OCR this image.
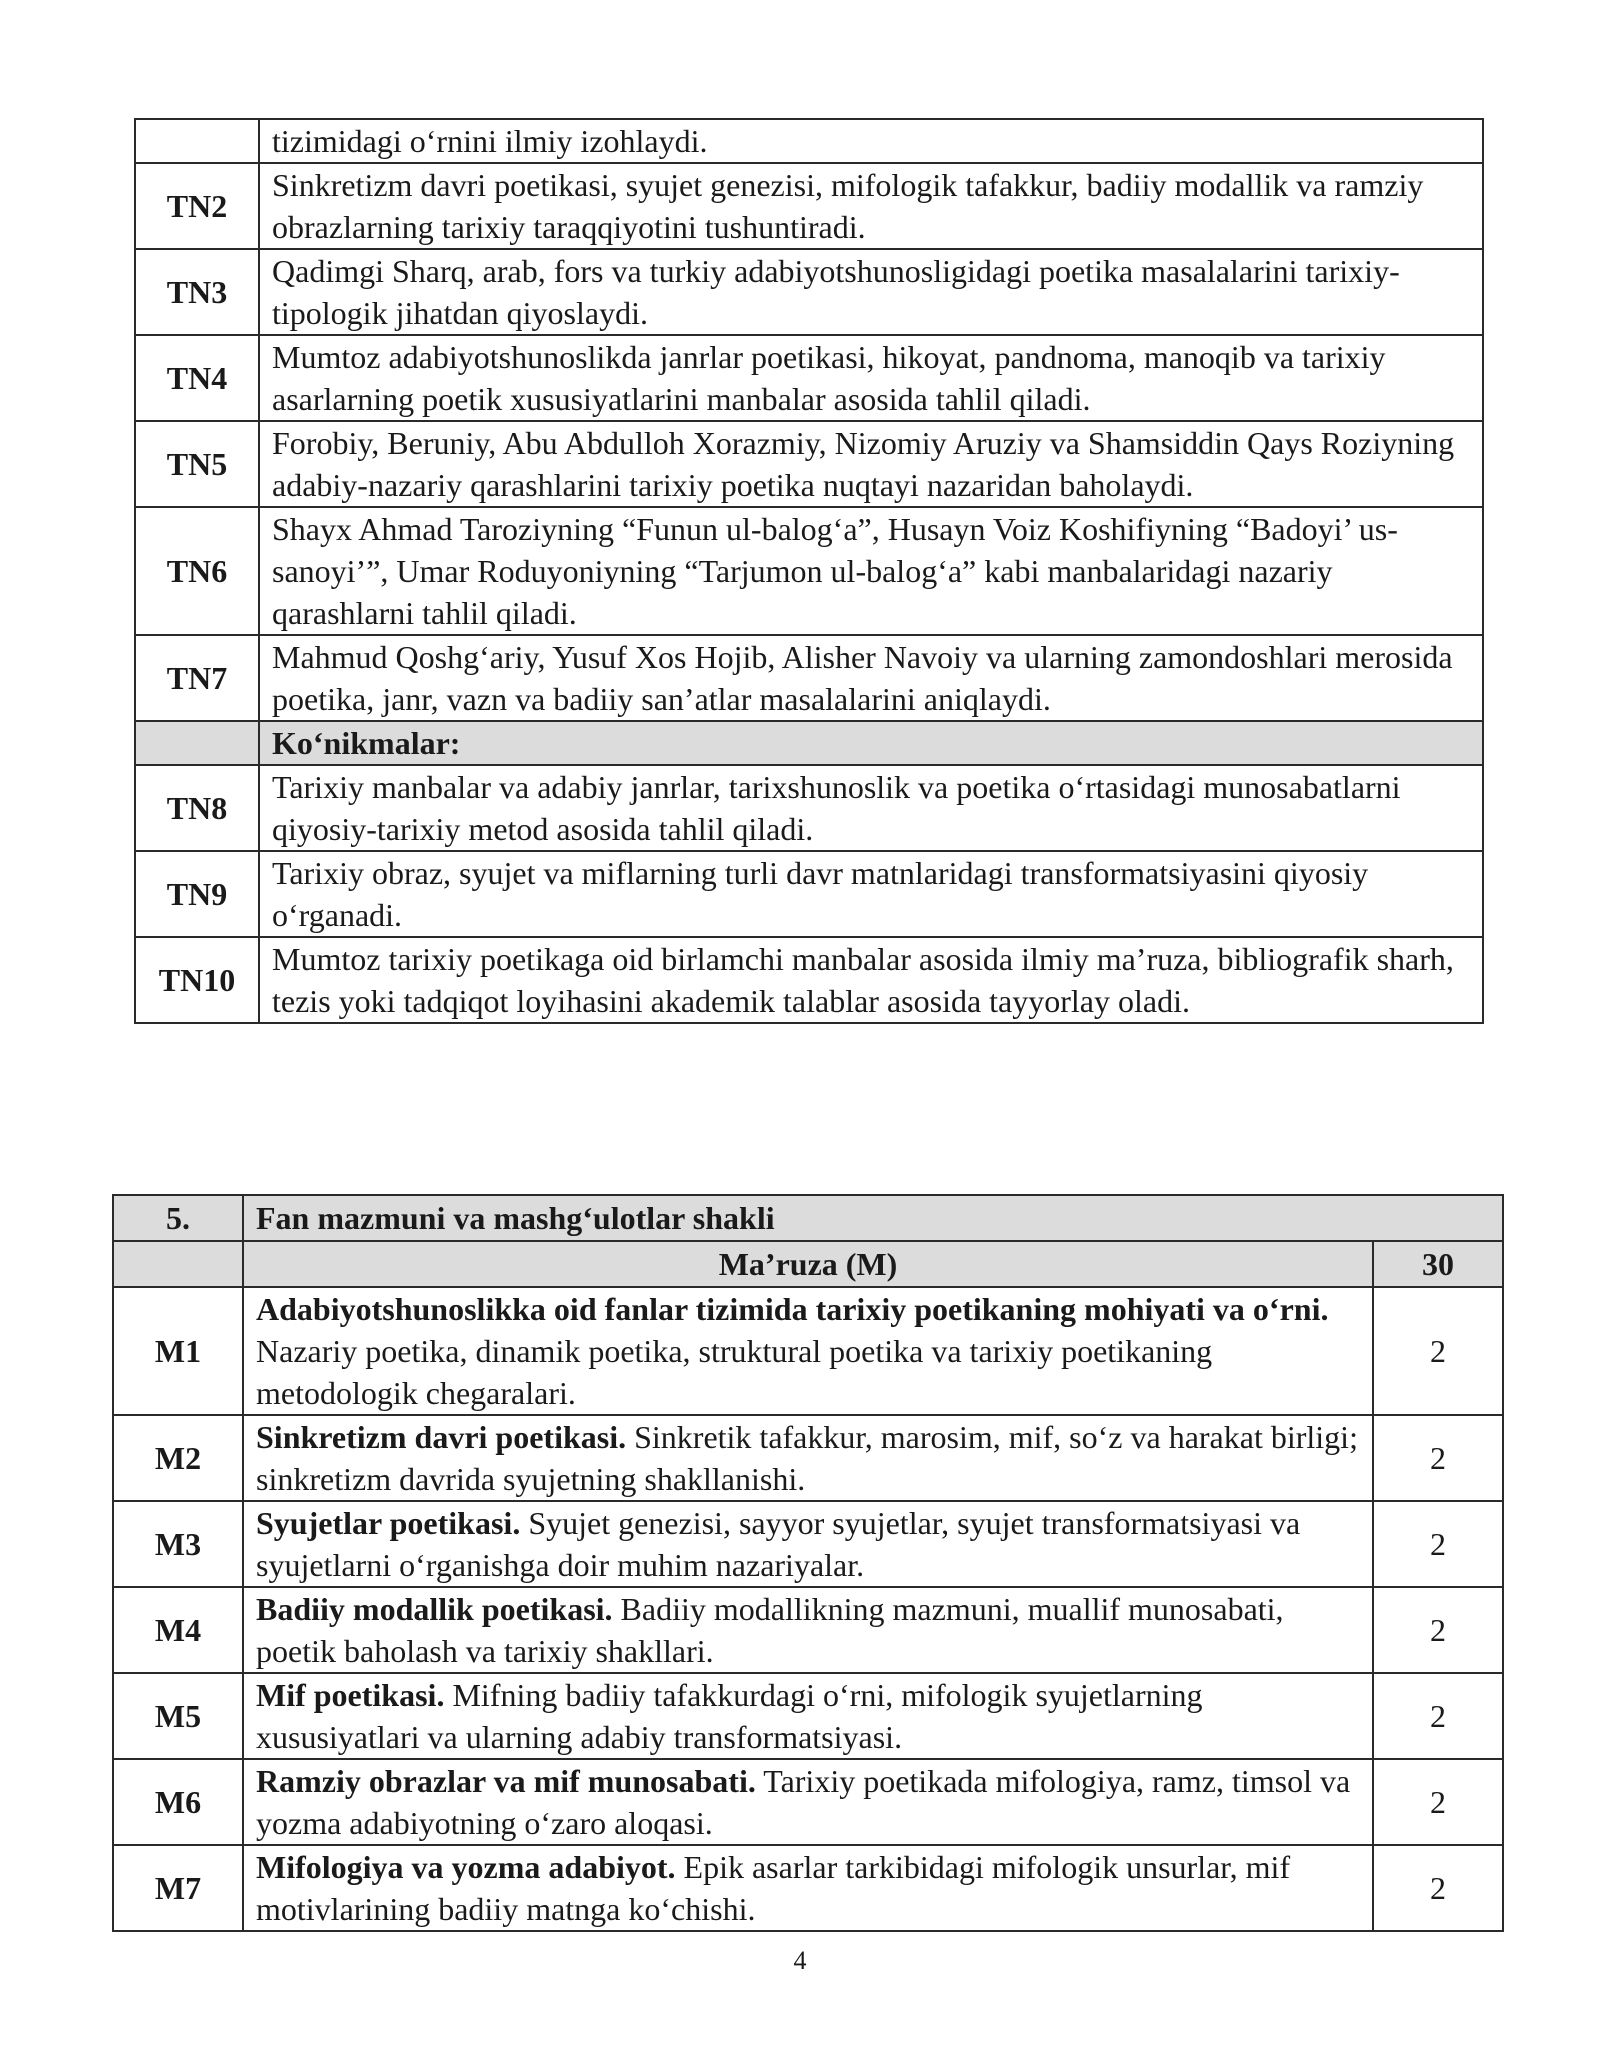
	tizimidagi o‘rnini ilmiy izohlaydi.
TN2	Sinkretizm davri poetikasi, syujet genezisi, mifologik tafakkur, badiiy modallik va ramziy obrazlarning tarixiy taraqqiyotini tushuntiradi.
TN3	Qadimgi Sharq, arab, fors va turkiy adabiyotshunosligidagi poetika masalalarini tarixiy-tipologik jihatdan qiyoslaydi.
TN4	Mumtoz adabiyotshunoslikda janrlar poetikasi, hikoyat, pandnoma, manoqib va tarixiy asarlarning poetik xususiyatlarini manbalar asosida tahlil qiladi.
TN5	Forobiy, Beruniy, Abu Abdulloh Xorazmiy, Nizomiy Aruziy va Shamsiddin Qays Roziyning adabiy-nazariy qarashlarini tarixiy poetika nuqtayi nazaridan baholaydi.
TN6	Shayx Ahmad Taroziyning “Funun ul-balog‘a”, Husayn Voiz Koshifiyning “Badoyi’ us-sanoyi’”, Umar Roduyoniyning “Tarjumon ul-balog‘a” kabi manbalaridagi nazariy qarashlarni tahlil qiladi.
TN7	Mahmud Qoshg‘ariy, Yusuf Xos Hojib, Alisher Navoiy va ularning zamondoshlari merosida poetika, janr, vazn va badiiy san’atlar masalalarini aniqlaydi.
	Ko‘nikmalar:
TN8	Tarixiy manbalar va adabiy janrlar, tarixshunoslik va poetika o‘rtasidagi munosabatlarni qiyosiy-tarixiy metod asosida tahlil qiladi.
TN9	Tarixiy obraz, syujet va miflarning turli davr matnlaridagi transformatsiyasini qiyosiy o‘rganadi.
TN10	Mumtoz tarixiy poetikaga oid birlamchi manbalar asosida ilmiy ma’ruza, bibliografik sharh, tezis yoki tadqiqot loyihasini akademik talablar asosida tayyorlay oladi.
5.	Fan mazmuni va mashg‘ulotlar shakli	
	Ma’ruza (M)	30
M1	Adabiyotshunoslikka oid fanlar tizimida tarixiy poetikaning mohiyati va o‘rni. Nazariy poetika, dinamik poetika, struktural poetika va tarixiy poetikaning metodologik chegaralari.	2
M2	Sinkretizm davri poetikasi. Sinkretik tafakkur, marosim, mif, so‘z va harakat birligi; sinkretizm davrida syujetning shakllanishi.	2
M3	Syujetlar poetikasi. Syujet genezisi, sayyor syujetlar, syujet transformatsiyasi va syujetlarni o‘rganishga doir muhim nazariyalar.	2
M4	Badiiy modallik poetikasi. Badiiy modallikning mazmuni, muallif munosabati, poetik baholash va tarixiy shakllari.	2
M5	Mif poetikasi. Mifning badiiy tafakkurdagi o‘rni, mifologik syujetlarning xususiyatlari va ularning adabiy transformatsiyasi.	2
M6	Ramziy obrazlar va mif munosabati. Tarixiy poetikada mifologiya, ramz, timsol va yozma adabiyotning o‘zaro aloqasi.	2
M7	Mifologiya va yozma adabiyot. Epik asarlar tarkibidagi mifologik unsurlar, mif motivlarining badiiy matnga ko‘chishi.	2
4
